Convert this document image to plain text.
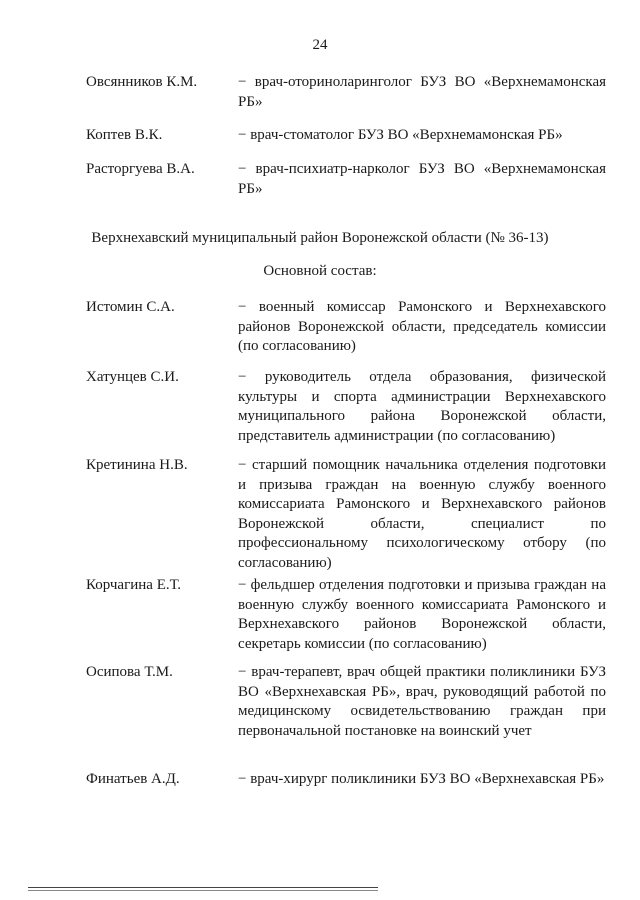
24
Овсянников К.М.	− врач-оториноларинголог БУЗ ВО «Верхнемамонская РБ»
Коптев В.К.	− врач-стоматолог БУЗ ВО «Верхнемамонская РБ»
Расторгуева В.А.	− врач-психиатр-нарколог БУЗ ВО «Верхнемамонская РБ»
Верхнехавский муниципальный район Воронежской области (№ 36-13)
Основной состав:
Истомин С.А.	− военный комиссар Рамонского и Верхнехавского районов Воронежской области, председатель комиссии (по согласованию)
Хатунцев С.И.	− руководитель отдела образования, физической культуры и спорта администрации Верхнехавского муниципального района Воронежской области, представитель администрации (по согласованию)
Кретинина Н.В.	− старший помощник начальника отделения подготовки и призыва граждан на военную службу военного комиссариата Рамонского и Верхнехавского районов Воронежской области, специалист по профессиональному психологическому отбору (по согласованию)
Корчагина Е.Т.	− фельдшер отделения подготовки и призыва граждан на военную службу военного комиссариата Рамонского и Верхнехавского районов Воронежской области, секретарь комиссии (по согласованию)
Осипова Т.М.	− врач-терапевт, врач общей практики поликлиники БУЗ ВО «Верхнехавская РБ», врач, руководящий работой по медицинскому освидетельствованию граждан при первоначальной постановке на воинский учет
Финатьев А.Д.	− врач-хирург поликлиники БУЗ ВО «Верхнехавская РБ»
